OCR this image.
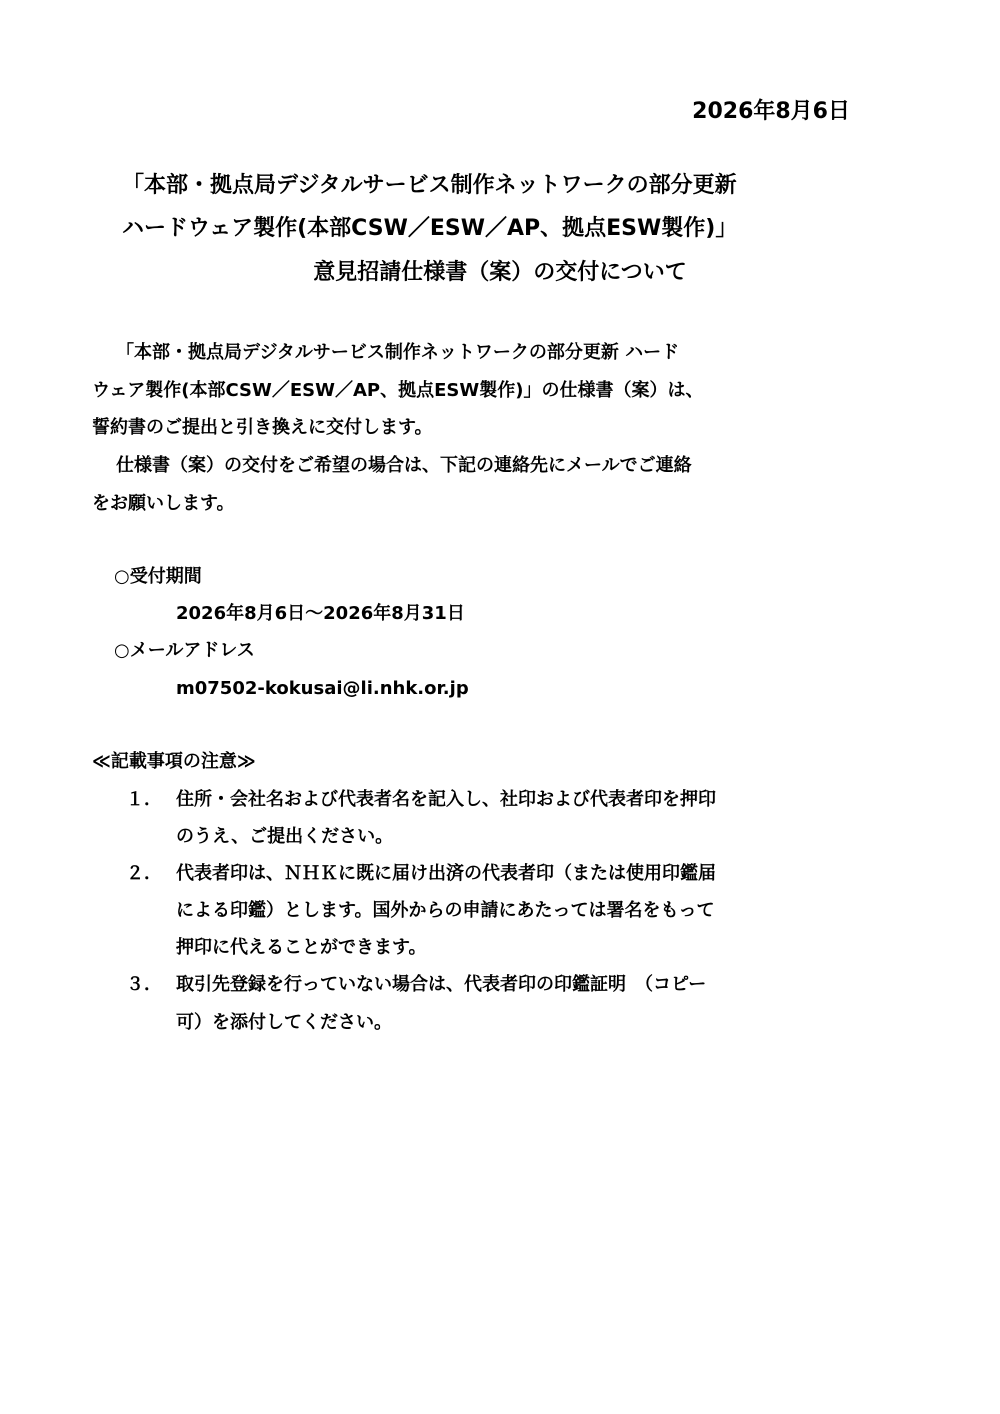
2026年8月6日
「本部・拠点局デジタルサービス制作ネットワークの部分更新
ハードウェア製作(本部CSW／ESW／AP、拠点ESW製作)」
意見招請仕様書（案）の交付について
「本部・拠点局デジタルサービス制作ネットワークの部分更新 ハード
ウェア製作(本部CSW／ESW／AP、拠点ESW製作)」の仕様書（案）は、
誓約書のご提出と引き換えに交付します。
仕様書（案）の交付をご希望の場合は、下記の連絡先にメールでご連絡
をお願いします。
○受付期間
2026年8月6日～2026年8月31日
○メールアドレス
m07502-kokusai@li.nhk.or.jp
≪記載事項の注意≫
１． 住所・会社名および代表者名を記入し、社印および代表者印を押印
のうえ、ご提出ください。
２． 代表者印は、ＮＨＫに既に届け出済の代表者印（または使用印鑑届
による印鑑）とします。国外からの申請にあたっては署名をもって
押印に代えることができます。
３． 取引先登録を行っていない場合は、代表者印の印鑑証明　（コピー
可）を添付してください。
